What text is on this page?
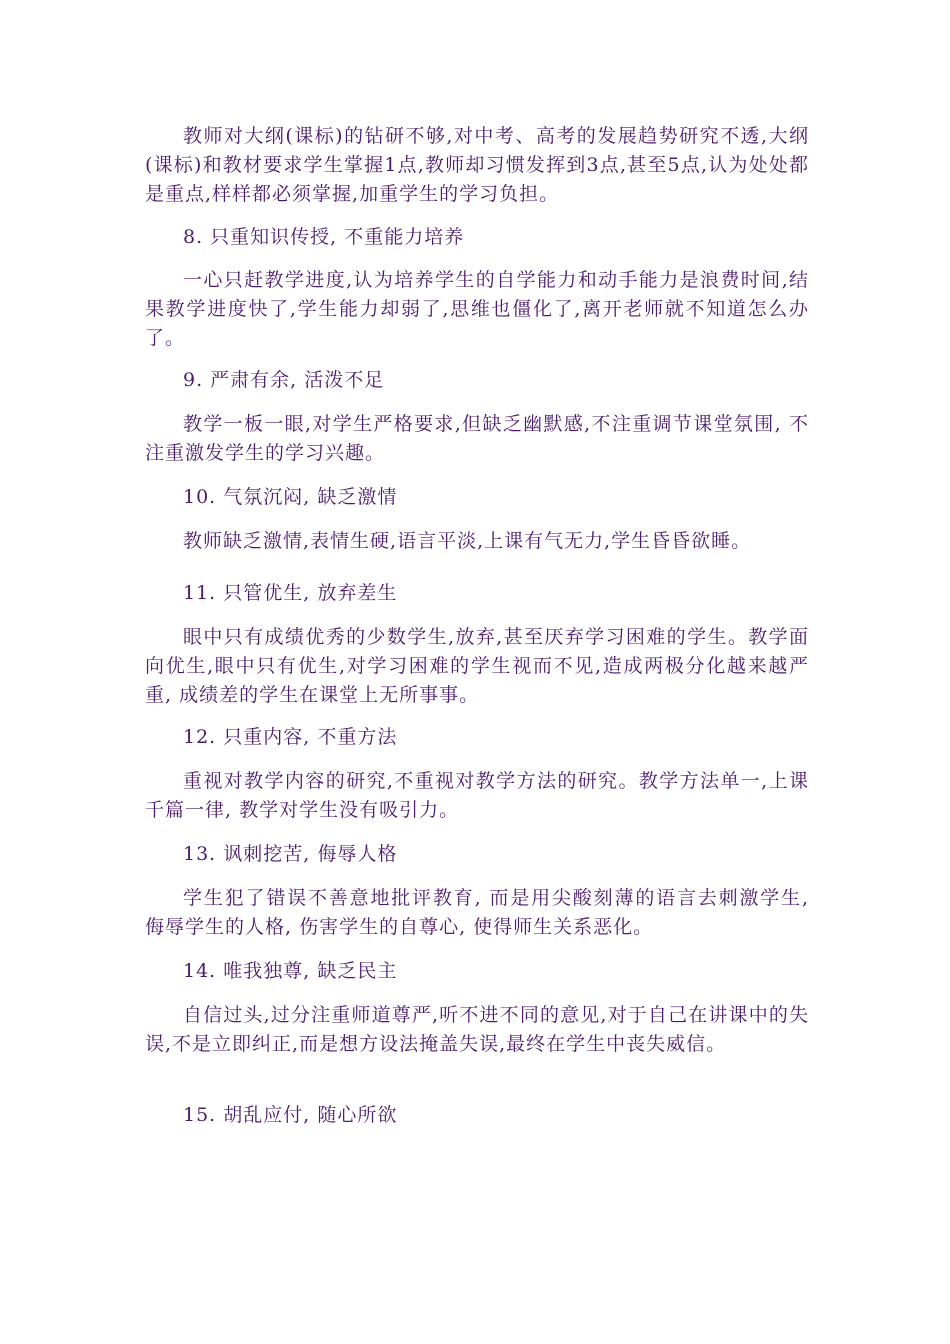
教师对大纲(课标)的钻研不够,对中考、高考的发展趋势研究不透,大纲(课标)和教材要求学生掌握1点,教师却习惯发挥到3点,甚至5点,认为处处都是重点,样样都必须掌握,加重学生的学习负担。

8. 只重知识传授, 不重能力培养

一心只赶教学进度,认为培养学生的自学能力和动手能力是浪费时间,结果教学进度快了,学生能力却弱了,思维也僵化了,离开老师就不知道怎么办了。

9. 严肃有余, 活泼不足

教学一板一眼,对学生严格要求,但缺乏幽默感,不注重调节课堂氛围, 不注重激发学生的学习兴趣。

10. 气氛沉闷, 缺乏激情

教师缺乏激情,表情生硬,语言平淡,上课有气无力,学生昏昏欲睡。

11. 只管优生, 放弃差生

眼中只有成绩优秀的少数学生,放弃,甚至厌弃学习困难的学生。教学面向优生,眼中只有优生,对学习困难的学生视而不见,造成两极分化越来越严重, 成绩差的学生在课堂上无所事事。

12. 只重内容, 不重方法

重视对教学内容的研究,不重视对教学方法的研究。教学方法单一,上课千篇一律, 教学对学生没有吸引力。

13. 讽刺挖苦, 侮辱人格

学生犯了错误不善意地批评教育, 而是用尖酸刻薄的语言去刺激学生, 侮辱学生的人格, 伤害学生的自尊心, 使得师生关系恶化。

14. 唯我独尊, 缺乏民主

自信过头,过分注重师道尊严,听不进不同的意见,对于自己在讲课中的失误,不是立即纠正,而是想方设法掩盖失误,最终在学生中丧失威信。

15. 胡乱应付, 随心所欲
